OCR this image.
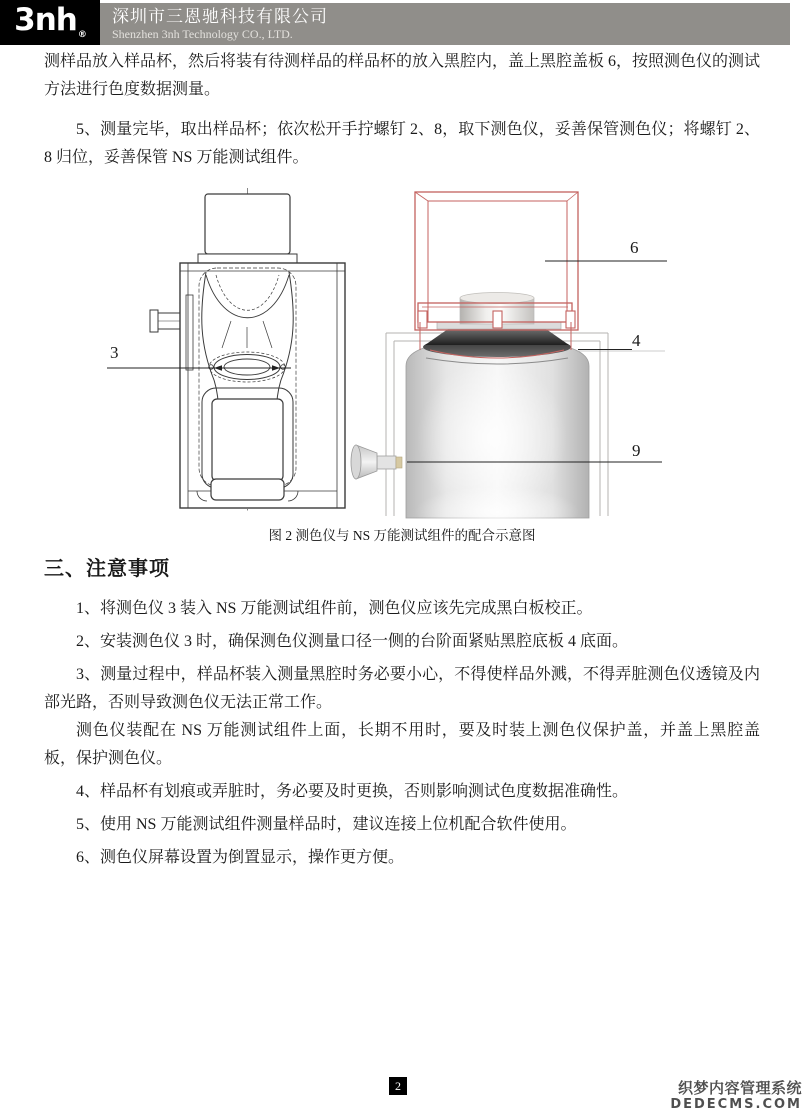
$3nh_®$
深圳市三恩驰科技有限公司
Shenzhen 3nh Technology CO., LTD.

测样品放入样品杯，然后将装有待测样品的样品杯的放入黑腔内，盖上黑腔盖板 6，按照测色仪的测试方法进行色度数据测量。

5、测量完毕，取出样品杯；依次松开手拧螺钉 2、8，取下测色仪，妥善保管测色仪；将螺钉 2、8 归位，妥善保管 NS 万能测试组件。

3
6
4
9
图 2 测色仪与 NS 万能测试组件的配合示意图
三、注意事项

1、将测色仪 3 装入 NS 万能测试组件前，测色仪应该先完成黑白板校正。

2、安装测色仪 3 时，确保测色仪测量口径一侧的台阶面紧贴黑腔底板 4 底面。

3、测量过程中，样品杯装入测量黑腔时务必要小心，不得使样品外溅，不得弄脏测色仪透镜及内部光路，否则导致测色仪无法正常工作。

测色仪装配在 NS 万能测试组件上面，长期不用时，要及时装上测色仪保护盖，并盖上黑腔盖板，保护测色仪。

4、样品杯有划痕或弄脏时，务必要及时更换，否则影响测试色度数据准确性。

5、使用 NS 万能测试组件测量样品时，建议连接上位机配合软件使用。

6、测色仪屏幕设置为倒置显示，操作更方便。

2	织梦内容管理系统
DEDECMS.COM
